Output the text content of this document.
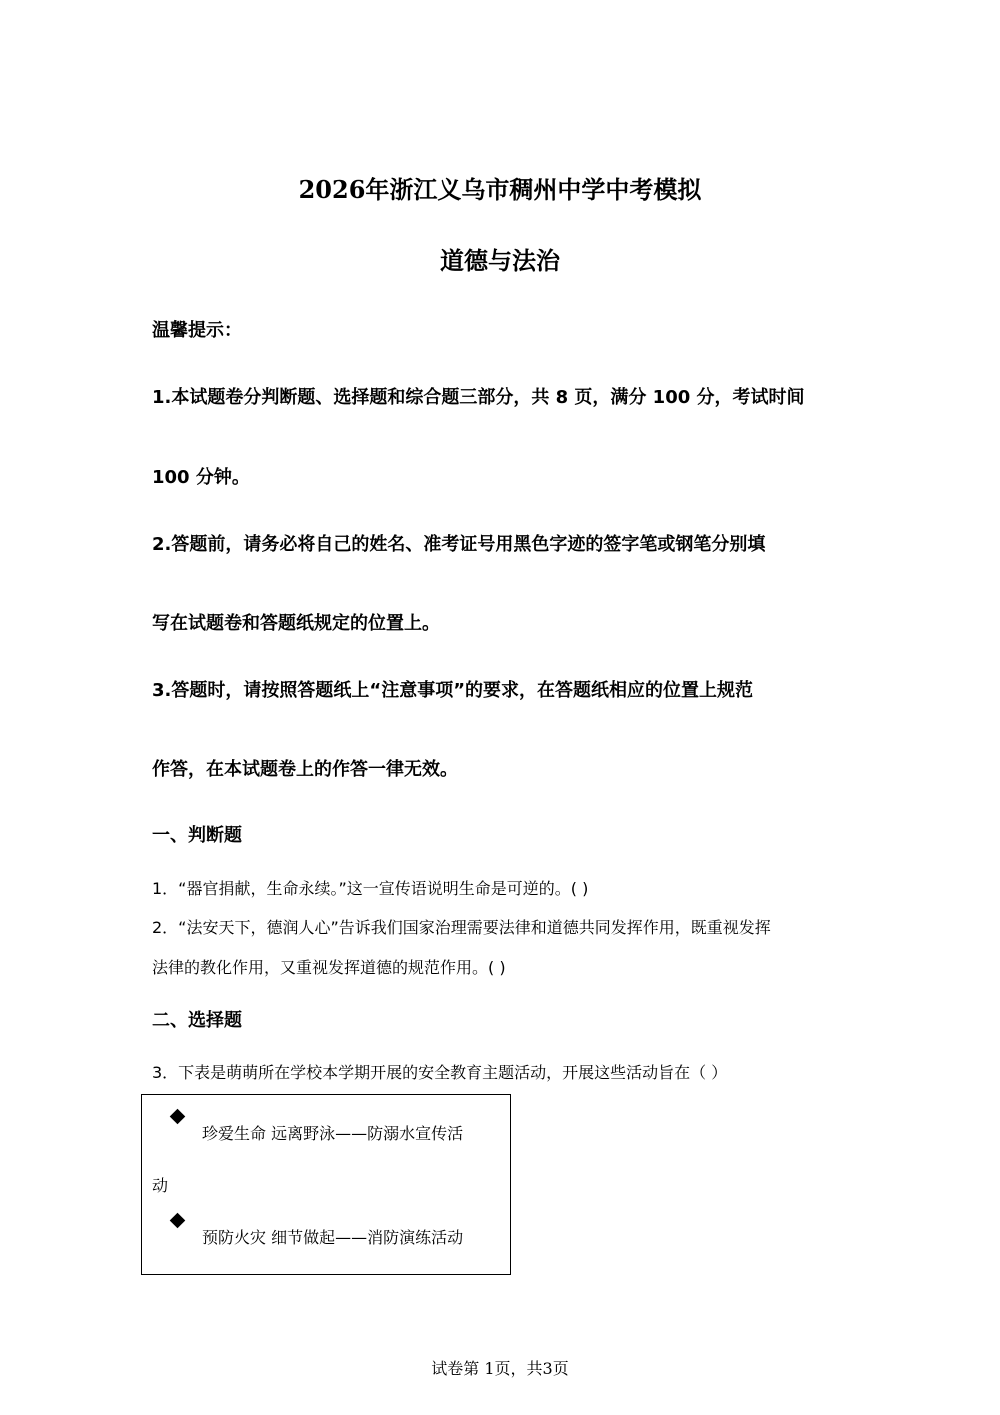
2026年浙江义乌市稠州中学中考模拟
道德与法治
温馨提示：
1.本试题卷分判断题、选择题和综合题三部分，共 8 页，满分 100 分，考试时间
100 分钟。
2.答题前，请务必将自己的姓名、准考证号用黑色字迹的签字笔或钢笔分别填
写在试题卷和答题纸规定的位置上。
3.答题时，请按照答题纸上“注意事项”的要求，在答题纸相应的位置上规范
作答，在本试题卷上的作答一律无效。
一、判断题
1．“器官捐献，生命永续。”这一宣传语说明生命是可逆的。( )
2．“法安天下，德润人心”告诉我们国家治理需要法律和道德共同发挥作用，既重视发挥
法律的教化作用，又重视发挥道德的规范作用。( )
二、选择题
3．下表是萌萌所在学校本学期开展的安全教育主题活动，开展这些活动旨在（ ）
珍爱生命 远离野泳——防溺水宣传活
动
预防火灾 细节做起——消防演练活动
试卷第 1页，共3页
